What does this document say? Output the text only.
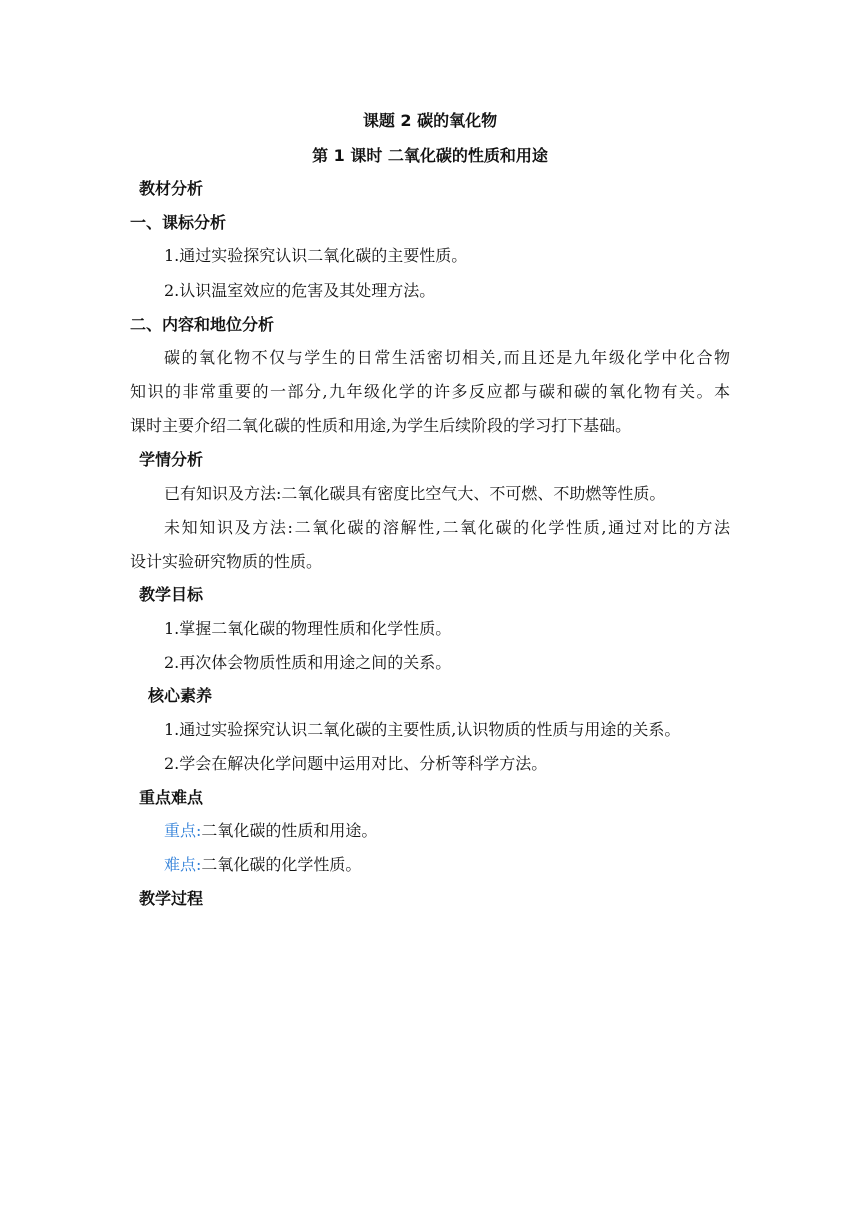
课题 2 碳的氧化物
第 1 课时 二氧化碳的性质和用途
教材分析
一、课标分析
1.通过实验探究认识二氧化碳的主要性质。
2.认识温室效应的危害及其处理方法。
二、内容和地位分析
碳的氧化物不仅与学生的日常生活密切相关,而且还是九年级化学中化合物
知识的非常重要的一部分,九年级化学的许多反应都与碳和碳的氧化物有关。本
课时主要介绍二氧化碳的性质和用途,为学生后续阶段的学习打下基础。
学情分析
已有知识及方法:二氧化碳具有密度比空气大、不可燃、不助燃等性质。
未知知识及方法:二氧化碳的溶解性,二氧化碳的化学性质,通过对比的方法
设计实验研究物质的性质。
教学目标
1.掌握二氧化碳的物理性质和化学性质。
2.再次体会物质性质和用途之间的关系。
核心素养
1.通过实验探究认识二氧化碳的主要性质,认识物质的性质与用途的关系。
2.学会在解决化学问题中运用对比、分析等科学方法。
重点难点
重点:二氧化碳的性质和用途。
难点:二氧化碳的化学性质。
教学过程
